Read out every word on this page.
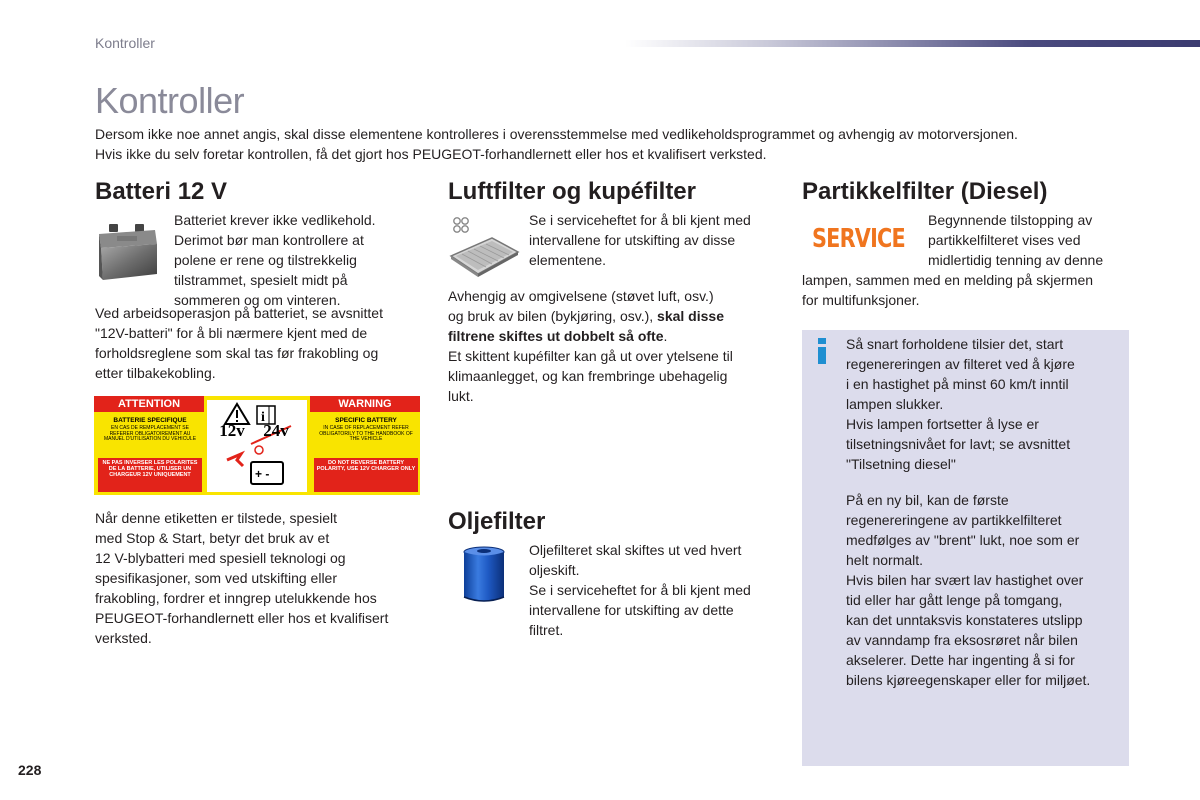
Kontroller
Kontroller

Dersom ikke noe annet angis, skal disse elementene kontrolleres i overensstemmelse med vedlikeholdsprogrammet og avhengig av motorversjonen.

Hvis ikke du selv foretar kontrollen, få det gjort hos PEUGEOT-forhandlernett eller hos et kvalifisert verksted.

Batteri 12 V

Batteriet krever ikke vedlikehold.

Derimot bør man kontrollere at

polene er rene og tilstrekkelig

tilstrammet, spesielt midt på

sommeren og om vinteren.

Ved arbeidsoperasjon på batteriet, se avsnittet

"12V-batteri" for å bli nærmere kjent med de

forholdsreglene som skal tas før frakobling og

etter tilbakekobling.

ATTENTION	WARNING
BATTERIE SPECIFIQUE
EN CAS DE REMPLACEMENT SE REFERER OBLIGATOIREMENT AU MANUEL D'UTILISATION DU VEHICULE
SPECIFIC BATTERY
IN CASE OF REPLACEMENT REFER OBLIGATORILY TO THE HANDBOOK OF THE VEHICLE
NE PAS INVERSER LES POLARITES DE LA BATTERIE, UTILISER UN CHARGEUR 12V UNIQUEMENT
DO NOT REVERSE BATTERY POLARITY, USE 12V CHARGER ONLY
i
+ -
12v	24v

Når denne etiketten er tilstede, spesielt

med Stop & Start, betyr det bruk av et

12 V-blybatteri med spesiell teknologi og

spesifikasjoner, som ved utskifting eller

frakobling, fordrer et inngrep utelukkende hos

PEUGEOT-forhandlernett eller hos et kvalifisert

verksted.

Luftfilter og kupéfilter

Se i serviceheftet for å bli kjent med

intervallene for utskifting av disse

elementene.

Avhengig av omgivelsene (støvet luft, osv.)

og bruk av bilen (bykjøring, osv.), skal disse

filtrene skiftes ut dobbelt så ofte.

Et skittent kupéfilter kan gå ut over ytelsene til

klimaanlegget, og kan frembringe ubehagelig

lukt.

Oljefilter

Oljefilteret skal skiftes ut ved hvert

oljeskift.

Se i serviceheftet for å bli kjent med

intervallene for utskifting av dette

filtret.

Partikkelfilter (Diesel)
SERVICE

Begynnende tilstopping av

partikkelfilteret vises ved

midlertidig tenning av denne

lampen, sammen med en melding på skjermen

for multifunksjoner.

Så snart forholdene tilsier det, start

regenereringen av filteret ved å kjøre

i en hastighet på minst 60 km/t inntil

lampen slukker.

Hvis lampen fortsetter å lyse er

tilsetningsnivået for lavt; se avsnittet

"Tilsetning diesel"

På en ny bil, kan de første

regenereringene av partikkelfilteret

medfølges av "brent" lukt, noe som er

helt normalt.

Hvis bilen har svært lav hastighet over

tid eller har gått lenge på tomgang,

kan det unntaksvis konstateres utslipp

av vanndamp fra eksosrøret når bilen

akselerer. Dette har ingenting å si for

bilens kjøreegenskaper eller for miljøet.

228
